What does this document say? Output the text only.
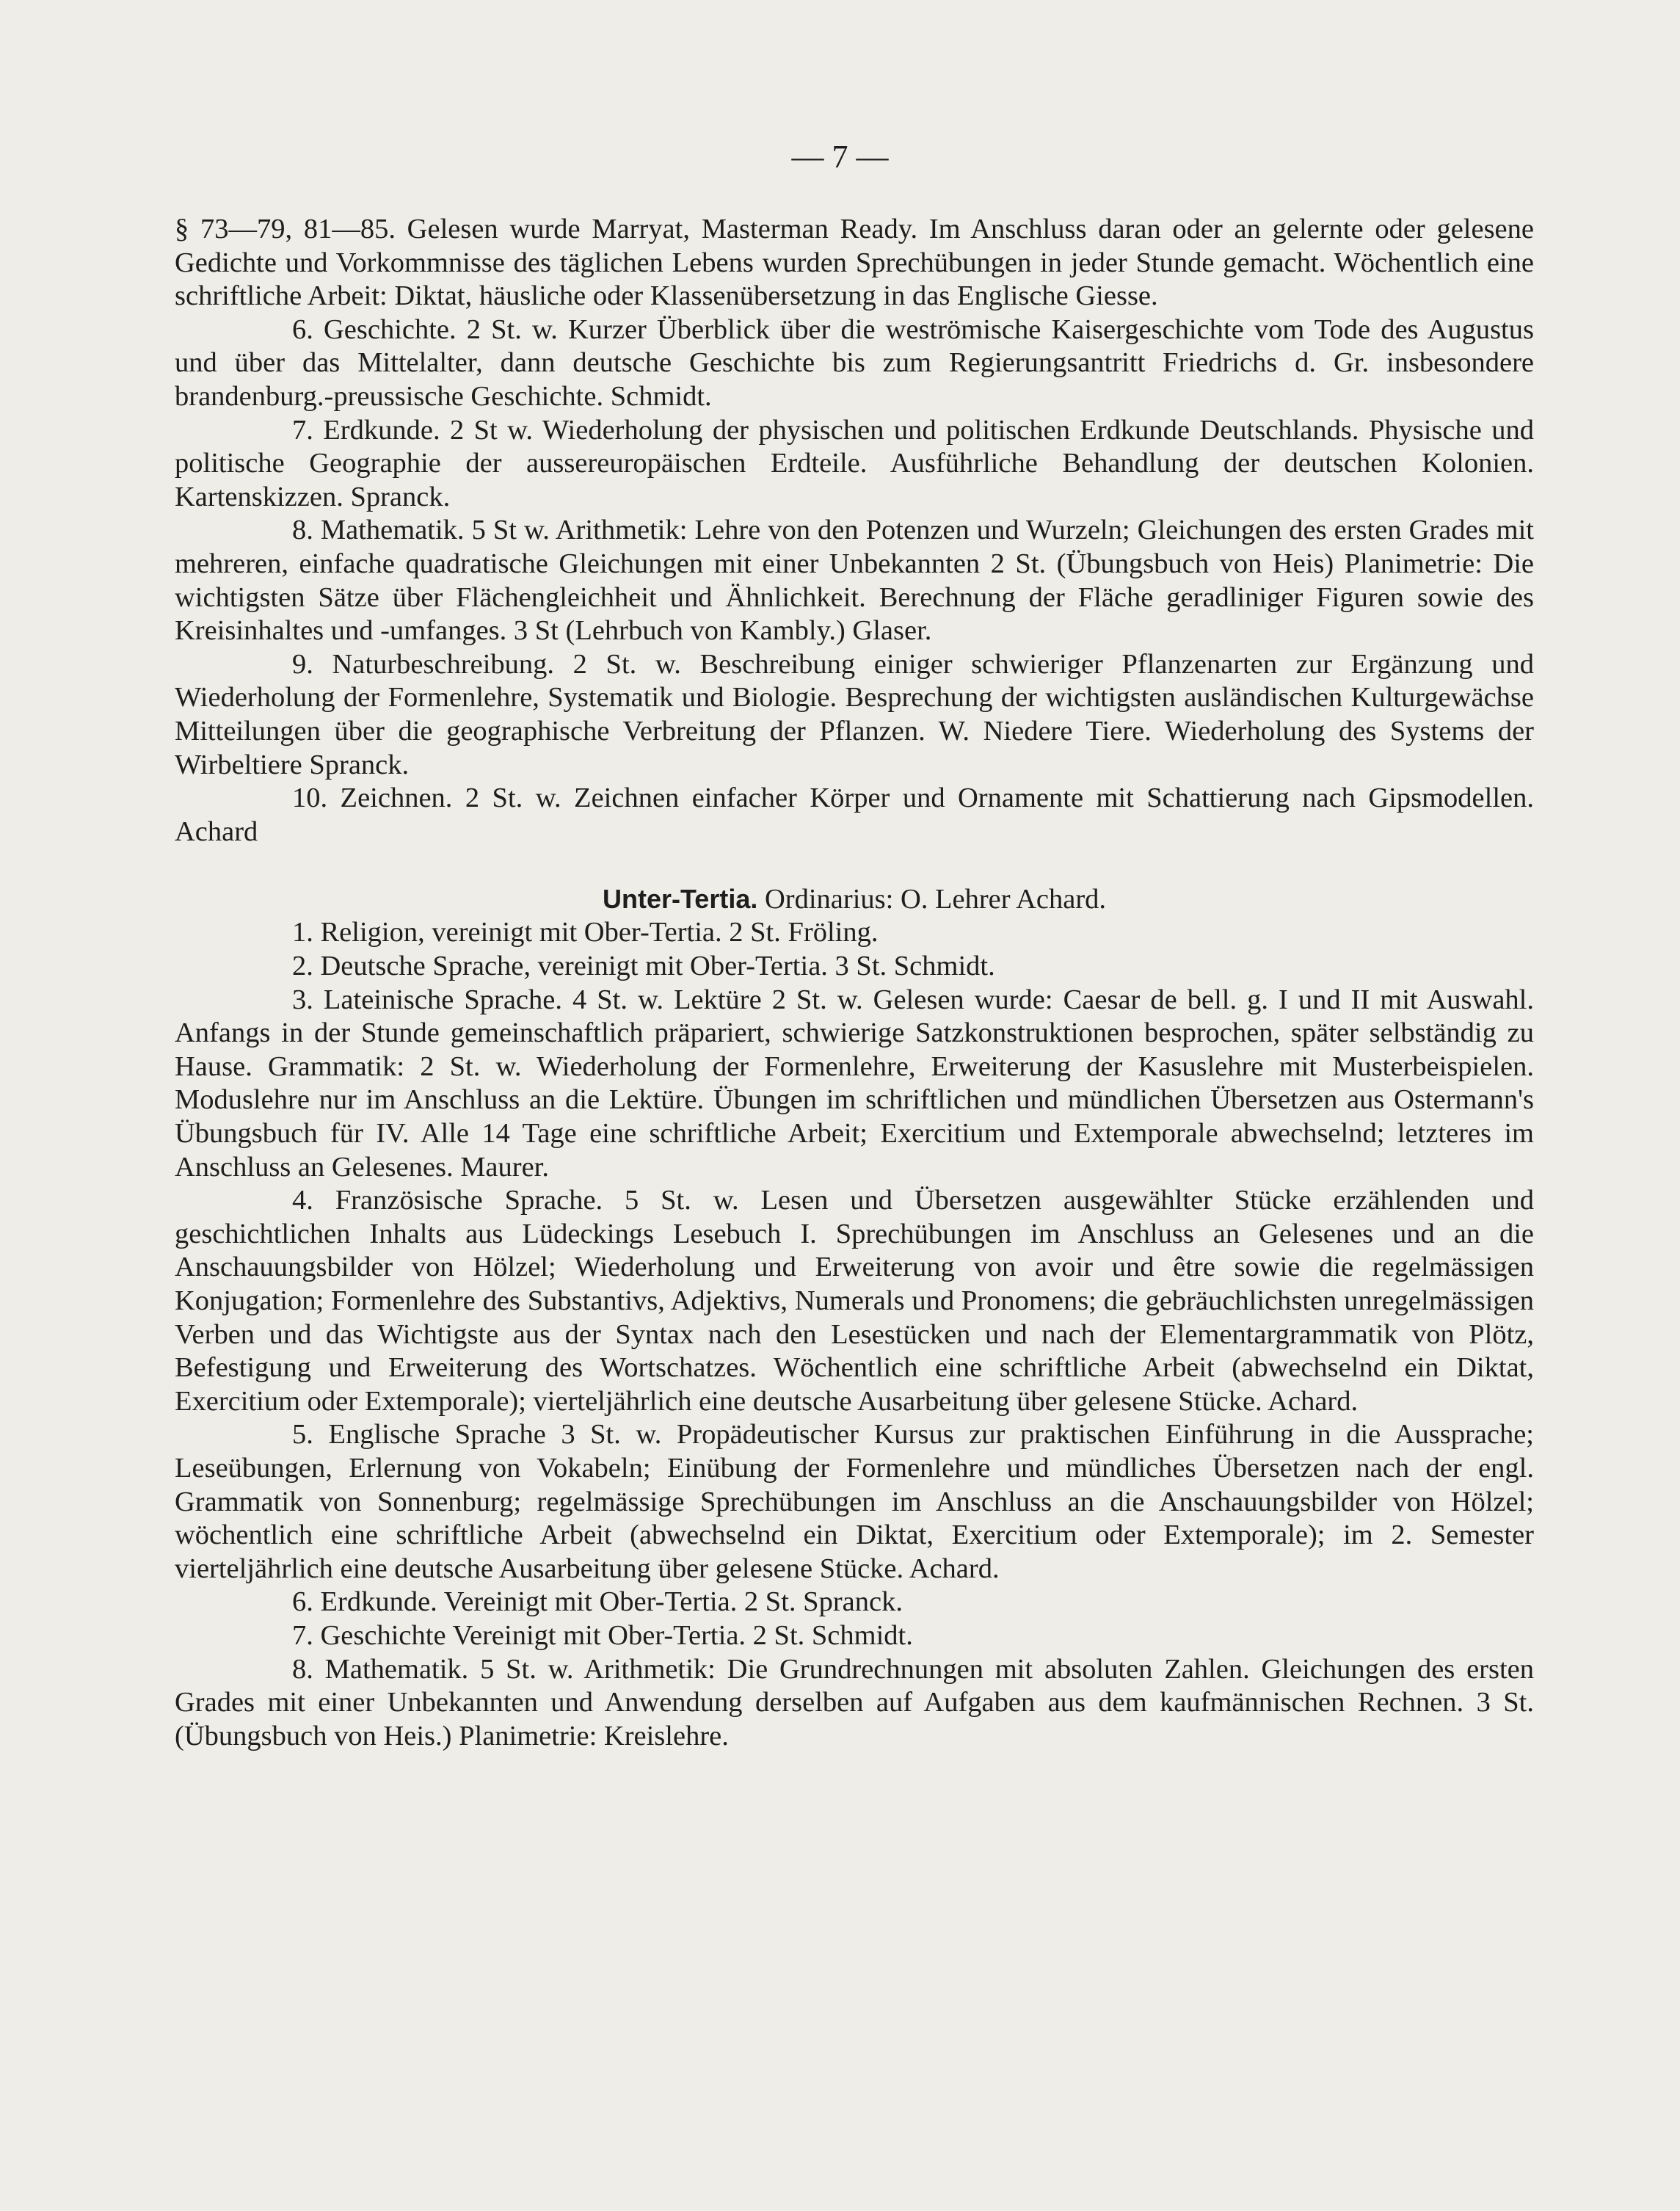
— 7 —

§ 73—79, 81—85. Gelesen wurde Marryat, Masterman Ready. Im Anschluss daran oder an gelernte oder gelesene Gedichte und Vorkommnisse des täglichen Lebens wurden Sprechübungen in jeder Stunde gemacht. Wöchentlich eine schriftliche Arbeit: Diktat, häusliche oder Klassenübersetzung in das Englische Giesse.

6. Geschichte. 2 St. w. Kurzer Überblick über die weströmische Kaisergeschichte vom Tode des Augustus und über das Mittelalter, dann deutsche Geschichte bis zum Regierungsantritt Friedrichs d. Gr. insbesondere brandenburg.-preussische Geschichte. Schmidt.

7. Erdkunde. 2 St w. Wiederholung der physischen und politischen Erdkunde Deutschlands. Physische und politische Geographie der aussereuropäischen Erdteile. Ausführliche Behandlung der deutschen Kolonien. Kartenskizzen. Spranck.

8. Mathematik. 5 St w. Arithmetik: Lehre von den Potenzen und Wurzeln; Gleichungen des ersten Grades mit mehreren, einfache quadratische Gleichungen mit einer Unbekannten 2 St. (Übungsbuch von Heis) Planimetrie: Die wichtigsten Sätze über Flächengleichheit und Ähnlichkeit. Berechnung der Fläche geradliniger Figuren sowie des Kreisinhaltes und -umfanges. 3 St (Lehrbuch von Kambly.) Glaser.

9. Naturbeschreibung. 2 St. w. Beschreibung einiger schwieriger Pflanzenarten zur Ergänzung und Wiederholung der Formenlehre, Systematik und Biologie. Besprechung der wichtigsten ausländischen Kulturgewächse Mitteilungen über die geographische Verbreitung der Pflanzen. W. Niedere Tiere. Wiederholung des Systems der Wirbeltiere Spranck.

10. Zeichnen. 2 St. w. Zeichnen einfacher Körper und Ornamente mit Schattierung nach Gipsmodellen. Achard

Unter-Tertia. Ordinarius: O. Lehrer Achard.

1. Religion, vereinigt mit Ober-Tertia. 2 St. Fröling.

2. Deutsche Sprache, vereinigt mit Ober-Tertia. 3 St. Schmidt.

3. Lateinische Sprache. 4 St. w. Lektüre 2 St. w. Gelesen wurde: Caesar de bell. g. I und II mit Auswahl. Anfangs in der Stunde gemeinschaftlich präpariert, schwierige Satzkonstruktionen besprochen, später selbständig zu Hause. Grammatik: 2 St. w. Wiederholung der Formenlehre, Erweiterung der Kasuslehre mit Musterbeispielen. Moduslehre nur im Anschluss an die Lektüre. Übungen im schriftlichen und mündlichen Übersetzen aus Ostermann's Übungsbuch für IV. Alle 14 Tage eine schriftliche Arbeit; Exercitium und Extemporale abwechselnd; letzteres im Anschluss an Gelesenes. Maurer.

4. Französische Sprache. 5 St. w. Lesen und Übersetzen ausgewählter Stücke erzählenden und geschichtlichen Inhalts aus Lüdeckings Lesebuch I. Sprechübungen im Anschluss an Gelesenes und an die Anschauungsbilder von Hölzel; Wiederholung und Erweiterung von avoir und être sowie die regelmässigen Konjugation; Formenlehre des Substantivs, Adjektivs, Numerals und Pronomens; die gebräuchlichsten unregelmässigen Verben und das Wichtigste aus der Syntax nach den Lesestücken und nach der Elementargrammatik von Plötz, Befestigung und Erweiterung des Wortschatzes. Wöchentlich eine schriftliche Arbeit (abwechselnd ein Diktat, Exercitium oder Extemporale); vierteljährlich eine deutsche Ausarbeitung über gelesene Stücke. Achard.

5. Englische Sprache 3 St. w. Propädeutischer Kursus zur praktischen Einführung in die Aussprache; Leseübungen, Erlernung von Vokabeln; Einübung der Formenlehre und mündliches Übersetzen nach der engl. Grammatik von Sonnenburg; regelmässige Sprechübungen im Anschluss an die Anschauungsbilder von Hölzel; wöchentlich eine schriftliche Arbeit (abwechselnd ein Diktat, Exercitium oder Extemporale); im 2. Semester vierteljährlich eine deutsche Ausarbeitung über gelesene Stücke. Achard.

6. Erdkunde. Vereinigt mit Ober-Tertia. 2 St. Spranck.

7. Geschichte Vereinigt mit Ober-Tertia. 2 St. Schmidt.

8. Mathematik. 5 St. w. Arithmetik: Die Grundrechnungen mit absoluten Zahlen. Gleichungen des ersten Grades mit einer Unbekannten und Anwendung derselben auf Aufgaben aus dem kaufmännischen Rechnen. 3 St. (Übungsbuch von Heis.) Planimetrie: Kreislehre.
